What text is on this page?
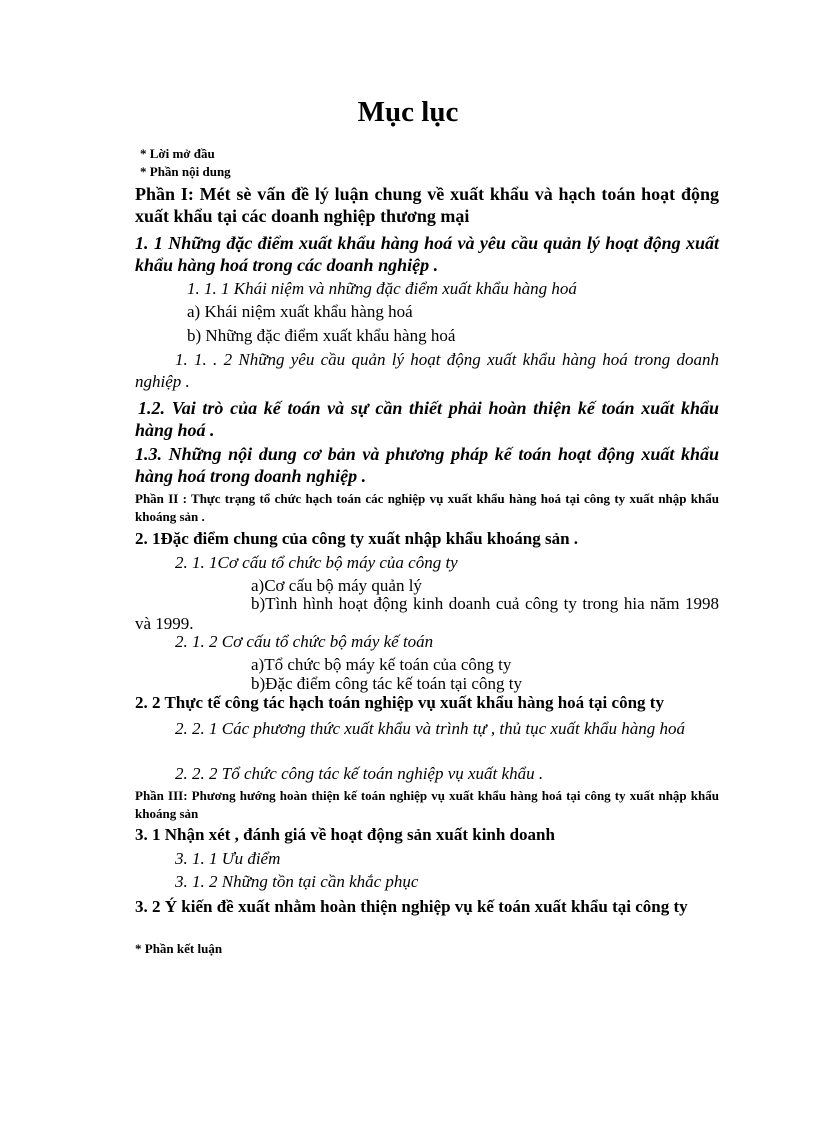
Mục lục

* Lời mở đầu

* Phần nội dung

Phần I: Mét sè vấn đề lý luận chung về xuất khẩu và hạch toán hoạt động xuất khẩu tại các doanh nghiệp thương mại

1. 1 Những đặc điểm xuất khẩu hàng hoá và yêu cầu quản lý hoạt động xuất khẩu hàng hoá trong các doanh nghiệp .

1. 1. 1 Khái niệm và những đặc điểm xuất khẩu hàng hoá

a) Khái niệm xuất khẩu hàng hoá

b) Những đặc điểm xuất khẩu hàng hoá

1. 1. . 2 Những yêu cầu quản lý hoạt động xuất khẩu hàng hoá trong doanh nghiệp .

1.2. Vai trò của kế toán và sự cần thiết phải hoàn thiện kế toán xuất khẩu hàng hoá .

1.3. Những nội dung cơ bản và phương pháp kế toán hoạt động xuất khẩu hàng hoá trong doanh nghiệp .

Phần II : Thực trạng tổ chức hạch toán các nghiệp vụ xuất khẩu hàng hoá tại công ty xuất nhập khẩu khoáng sản .

2. 1Đặc điểm chung của công ty xuất nhập khẩu khoáng sản .

2. 1. 1Cơ cấu tổ chức bộ máy của công ty

a)Cơ cấu bộ máy quản lý

b)Tình hình hoạt động kinh doanh cuả công ty trong hia năm 1998 và 1999.

2. 1. 2 Cơ cấu tổ chức bộ máy kế toán

a)Tổ chức bộ máy kế toán của công ty

b)Đặc điểm công tác kế toán tại công ty

2. 2 Thực tế công tác hạch toán nghiệp vụ xuất khẩu hàng hoá tại công ty

2. 2. 1 Các phương thức xuất khẩu và trình tự , thủ tục xuất khẩu hàng hoá

2. 2. 2 Tổ chức công tác kế toán nghiệp vụ xuất khẩu .

Phần III: Phương hướng hoàn thiện kế toán nghiệp vụ xuất khẩu hàng hoá tại công ty xuất nhập khẩu khoáng sản

3. 1 Nhận xét , đánh giá về hoạt động sản xuất kinh doanh

3. 1. 1 Ưu điểm

3. 1. 2 Những tồn tại cần khắc phục

3. 2 Ý kiến đề xuất nhằm hoàn thiện nghiệp vụ kế toán xuất khẩu tại công ty

* Phần kết luận
